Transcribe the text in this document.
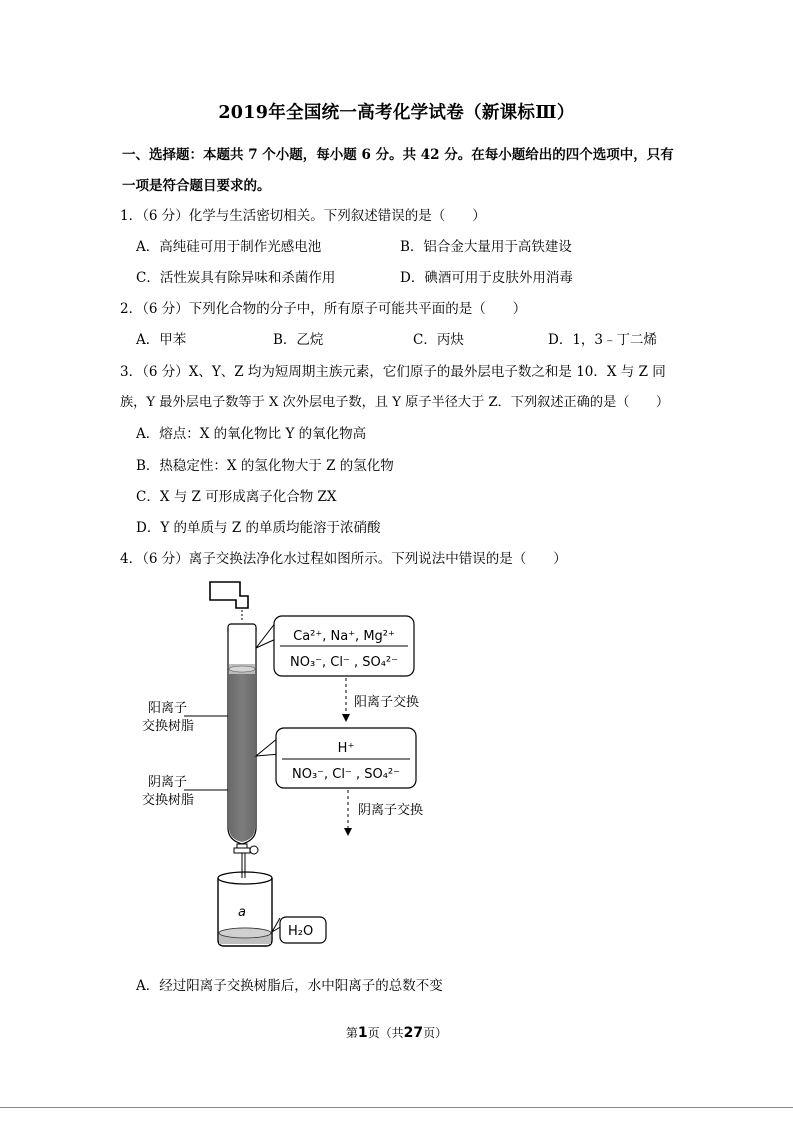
2019年全国统一高考化学试卷（新课标Ⅲ）
一、选择题：本题共 7 个小题，每小题 6 分。共 42 分。在每小题给出的四个选项中，只有
一项是符合题目要求的。
1．（6 分）化学与生活密切相关。下列叙述错误的是（　　）
A．高纯硅可用于制作光感电池	B．铝合金大量用于高铁建设
C．活性炭具有除异味和杀菌作用	D．碘酒可用于皮肤外用消毒
2．（6 分）下列化合物的分子中，所有原子可能共平面的是（　　）
A．甲苯	B．乙烷	C．丙炔	D．1，3﹣丁二烯
3．（6 分）X、Y、Z 均为短周期主族元素，它们原子的最外层电子数之和是 10．X 与 Z 同
族，Y 最外层电子数等于 X 次外层电子数，且 Y 原子半径大于 Z．下列叙述正确的是（　　）
A．熔点：X 的氧化物比 Y 的氧化物高
B．热稳定性：X 的氢化物大于 Z 的氢化物
C．X 与 Z 可形成离子化合物 ZX
D．Y 的单质与 Z 的单质均能溶于浓硝酸
4．（6 分）离子交换法净化水过程如图所示。下列说法中错误的是（　　）
a
H₂O
阳离子
交换树脂
阴离子
交换树脂
Ca²⁺, Na⁺, Mg²⁺
NO₃⁻, Cl⁻ , SO₄²⁻
阳离子交换
H⁺
NO₃⁻, Cl⁻ , SO₄²⁻
阴离子交换
A．经过阳离子交换树脂后，水中阳离子的总数不变
第1页（共27页）
